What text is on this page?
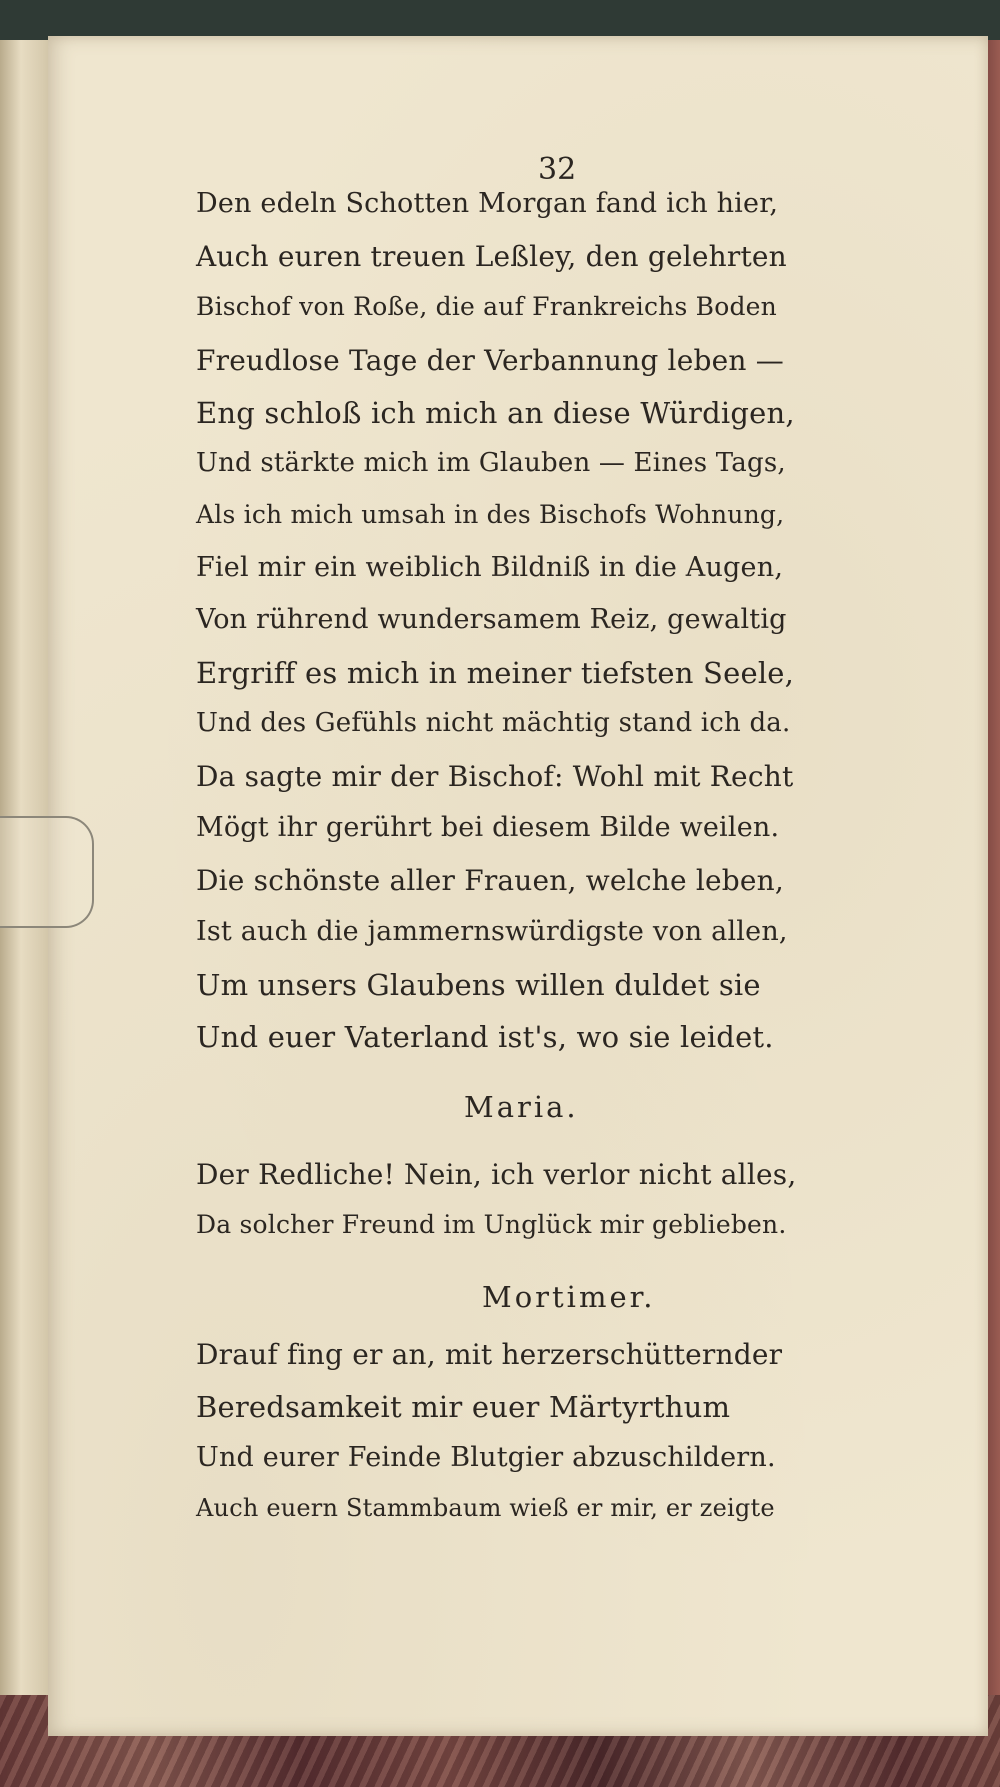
32
Den edeln Schotten Morgan fand ich hier,
Auch euren treuen Leßley, den gelehrten
Bischof von Roße, die auf Frankreichs Boden
Freudlose Tage der Verbannung leben —
Eng schloß ich mich an diese Würdigen,
Und stärkte mich im Glauben — Eines Tags,
Als ich mich umsah in des Bischofs Wohnung,
Fiel mir ein weiblich Bildniß in die Augen,
Von rührend wundersamem Reiz, gewaltig
Ergriff es mich in meiner tiefsten Seele,
Und des Gefühls nicht mächtig stand ich da.
Da sagte mir der Bischof: Wohl mit Recht
Mögt ihr gerührt bei diesem Bilde weilen.
Die schönste aller Frauen, welche leben,
Ist auch die jammernswürdigste von allen,
Um unsers Glaubens willen duldet sie
Und euer Vaterland ist's, wo sie leidet.
Maria.
Der Redliche! Nein, ich verlor nicht alles,
Da solcher Freund im Unglück mir geblieben.
Mortimer.
Drauf fing er an, mit herzerschütternder
Beredsamkeit mir euer Märtyrthum
Und eurer Feinde Blutgier abzuschildern.
Auch euern Stammbaum wieß er mir, er zeigte
